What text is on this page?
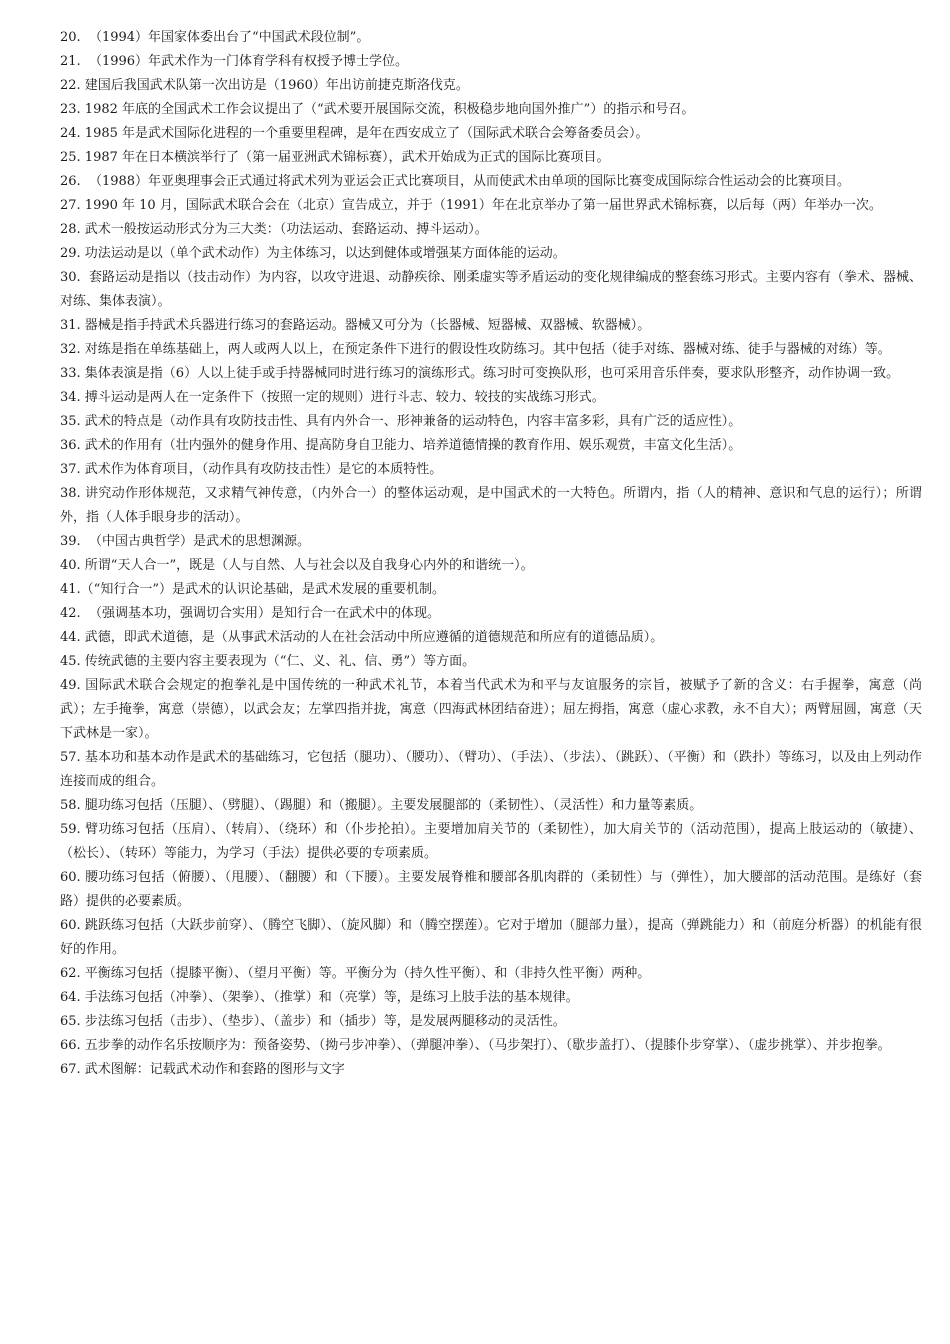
20.  （1994）年国家体委出台了“中国武术段位制”。

21.  （1996）年武术作为一门体育学科有权授予博士学位。

22. 建国后我国武术队第一次出访是（1960）年出访前捷克斯洛伐克。

23. 1982 年底的全国武术工作会议提出了（“武术要开展国际交流，积极稳步地向国外推广”）的指示和号召。

24. 1985 年是武术国际化进程的一个重要里程碑，是年在西安成立了（国际武术联合会筹备委员会）。

25. 1987 年在日本横滨举行了（第一届亚洲武术锦标赛），武术开始成为正式的国际比赛项目。

26.  （1988）年亚奥理事会正式通过将武术列为亚运会正式比赛项目，从而使武术由单项的国际比赛变成国际综合性运动会的比赛项目。

27. 1990 年 10 月，国际武术联合会在（北京）宣告成立，并于（1991）年在北京举办了第一届世界武术锦标赛，以后每（两）年举办一次。

28. 武术一般按运动形式分为三大类：（功法运动、套路运动、搏斗运动）。

29. 功法运动是以（单个武术动作）为主体练习，以达到健体或增强某方面体能的运动。

30.  套路运动是指以（技击动作）为内容，以攻守进退、动静疾徐、刚柔虚实等矛盾运动的变化规律编成的整套练习形式。主要内容有（拳术、器械、对练、集体表演）。

31. 器械是指手持武术兵器进行练习的套路运动。器械又可分为（长器械、短器械、双器械、软器械）。

32. 对练是指在单练基础上，两人或两人以上，在预定条件下进行的假设性攻防练习。其中包括（徒手对练、器械对练、徒手与器械的对练）等。

33. 集体表演是指（6）人以上徒手或手持器械同时进行练习的演练形式。练习时可变换队形，也可采用音乐伴奏，要求队形整齐，动作协调一致。

34. 搏斗运动是两人在一定条件下（按照一定的规则）进行斗志、较力、较技的实战练习形式。

35. 武术的特点是（动作具有攻防技击性、具有内外合一、形神兼备的运动特色，内容丰富多彩，具有广泛的适应性）。

36. 武术的作用有（壮内强外的健身作用、提高防身自卫能力、培养道德情操的教育作用、娱乐观赏，丰富文化生活）。

37. 武术作为体育项目，（动作具有攻防技击性）是它的本质特性。

38. 讲究动作形体规范，又求精气神传意，（内外合一）的整体运动观，是中国武术的一大特色。所谓内，指（人的精神、意识和气息的运行）；所谓外，指（人体手眼身步的活动）。

39.  （中国古典哲学）是武术的思想渊源。

40. 所谓“天人合一”，既是（人与自然、人与社会以及自我身心内外的和谐统一）。

41.（“知行合一”）是武术的认识论基础，是武术发展的重要机制。

42.  （强调基本功，强调切合实用）是知行合一在武术中的体现。

44. 武德，即武术道德，是（从事武术活动的人在社会活动中所应遵循的道德规范和所应有的道德品质）。

45. 传统武德的主要内容主要表现为（“仁、义、礼、信、勇”）等方面。

49. 国际武术联合会规定的抱拳礼是中国传统的一种武术礼节，本着当代武术为和平与友谊服务的宗旨，被赋予了新的含义：右手握拳，寓意（尚武）；左手掩拳，寓意（崇德），以武会友；左掌四指并拢，寓意（四海武林团结奋进）；屈左拇指，寓意（虚心求教，永不自大）；两臂屈圆，寓意（天下武林是一家）。

57. 基本功和基本动作是武术的基础练习，它包括（腿功）、（腰功）、（臂功）、（手法）、（步法）、（跳跃）、（平衡）和（跌扑）等练习，以及由上列动作连接而成的组合。

58. 腿功练习包括（压腿）、（劈腿）、（踢腿）和（搬腿）。主要发展腿部的（柔韧性）、（灵活性）和力量等素质。

59. 臂功练习包括（压肩）、（转肩）、（绕环）和（仆步抡拍）。主要增加肩关节的（柔韧性），加大肩关节的（活动范围），提高上肢运动的（敏捷）、（松长）、（转环）等能力，为学习（手法）提供必要的专项素质。

60. 腰功练习包括（俯腰）、（甩腰）、（翻腰）和（下腰）。主要发展脊椎和腰部各肌肉群的（柔韧性）与（弹性），加大腰部的活动范围。是练好（套路）提供的必要素质。

60. 跳跃练习包括（大跃步前穿）、（腾空飞脚）、（旋风脚）和（腾空摆莲）。它对于增加（腿部力量），提高（弹跳能力）和（前庭分析器）的机能有很好的作用。

62. 平衡练习包括（提膝平衡）、（望月平衡）等。平衡分为（持久性平衡）、和（非持久性平衡）两种。

64. 手法练习包括（冲拳）、（架拳）、（推掌）和（亮掌）等，是练习上肢手法的基本规律。

65. 步法练习包括（击步）、（垫步）、（盖步）和（插步）等，是发展两腿移动的灵活性。

66. 五步拳的动作名乐按顺序为：预备姿势、（拗弓步冲拳）、（弹腿冲拳）、（马步架打）、（歇步盖打）、（提膝仆步穿掌）、（虚步挑掌）、并步抱拳。

67. 武术图解：记载武术动作和套路的图形与文字
